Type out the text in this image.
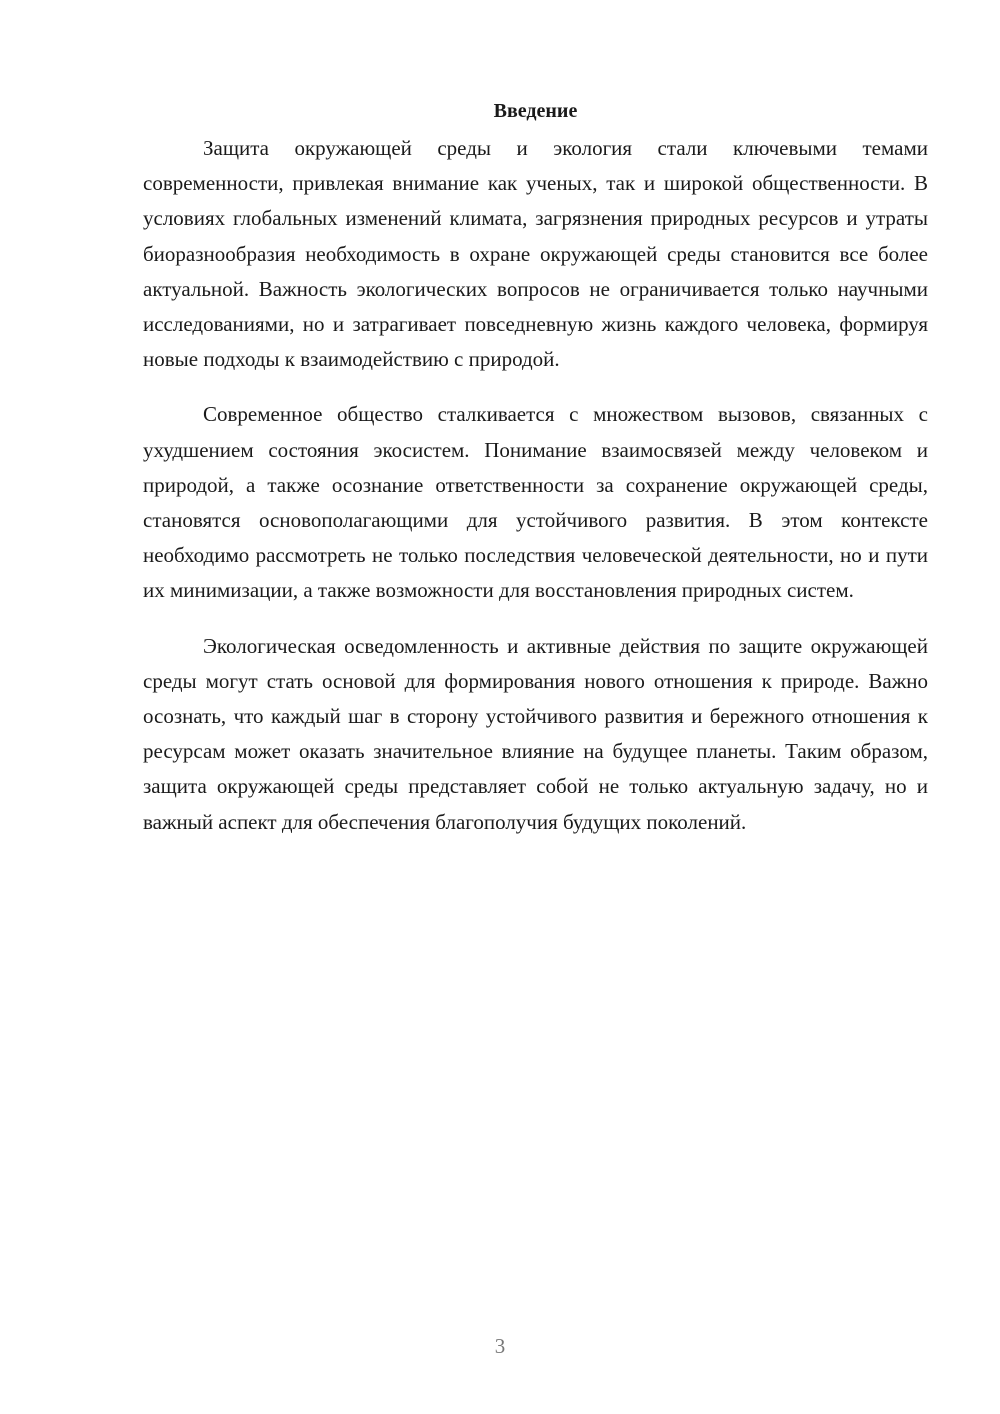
Введение

Защита окружающей среды и экология стали ключевыми темами современности, привлекая внимание как ученых, так и широкой общественности. В условиях глобальных изменений климата, загрязнения природных ресурсов и утраты биоразнообразия необходимость в охране окружающей среды становится все более актуальной. Важность экологических вопросов не ограничивается только научными исследованиями, но и затрагивает повседневную жизнь каждого человека, формируя новые подходы к взаимодействию с природой.

Современное общество сталкивается с множеством вызовов, связанных с ухудшением состояния экосистем. Понимание взаимосвязей между человеком и природой, а также осознание ответственности за сохранение окружающей среды, становятся основополагающими для устойчивого развития. В этом контексте необходимо рассмотреть не только последствия человеческой деятельности, но и пути их минимизации, а также возможности для восстановления природных систем.

Экологическая осведомленность и активные действия по защите окружающей среды могут стать основой для формирования нового отношения к природе. Важно осознать, что каждый шаг в сторону устойчивого развития и бережного отношения к ресурсам может оказать значительное влияние на будущее планеты. Таким образом, защита окружающей среды представляет собой не только актуальную задачу, но и важный аспект для обеспечения благополучия будущих поколений.

3
